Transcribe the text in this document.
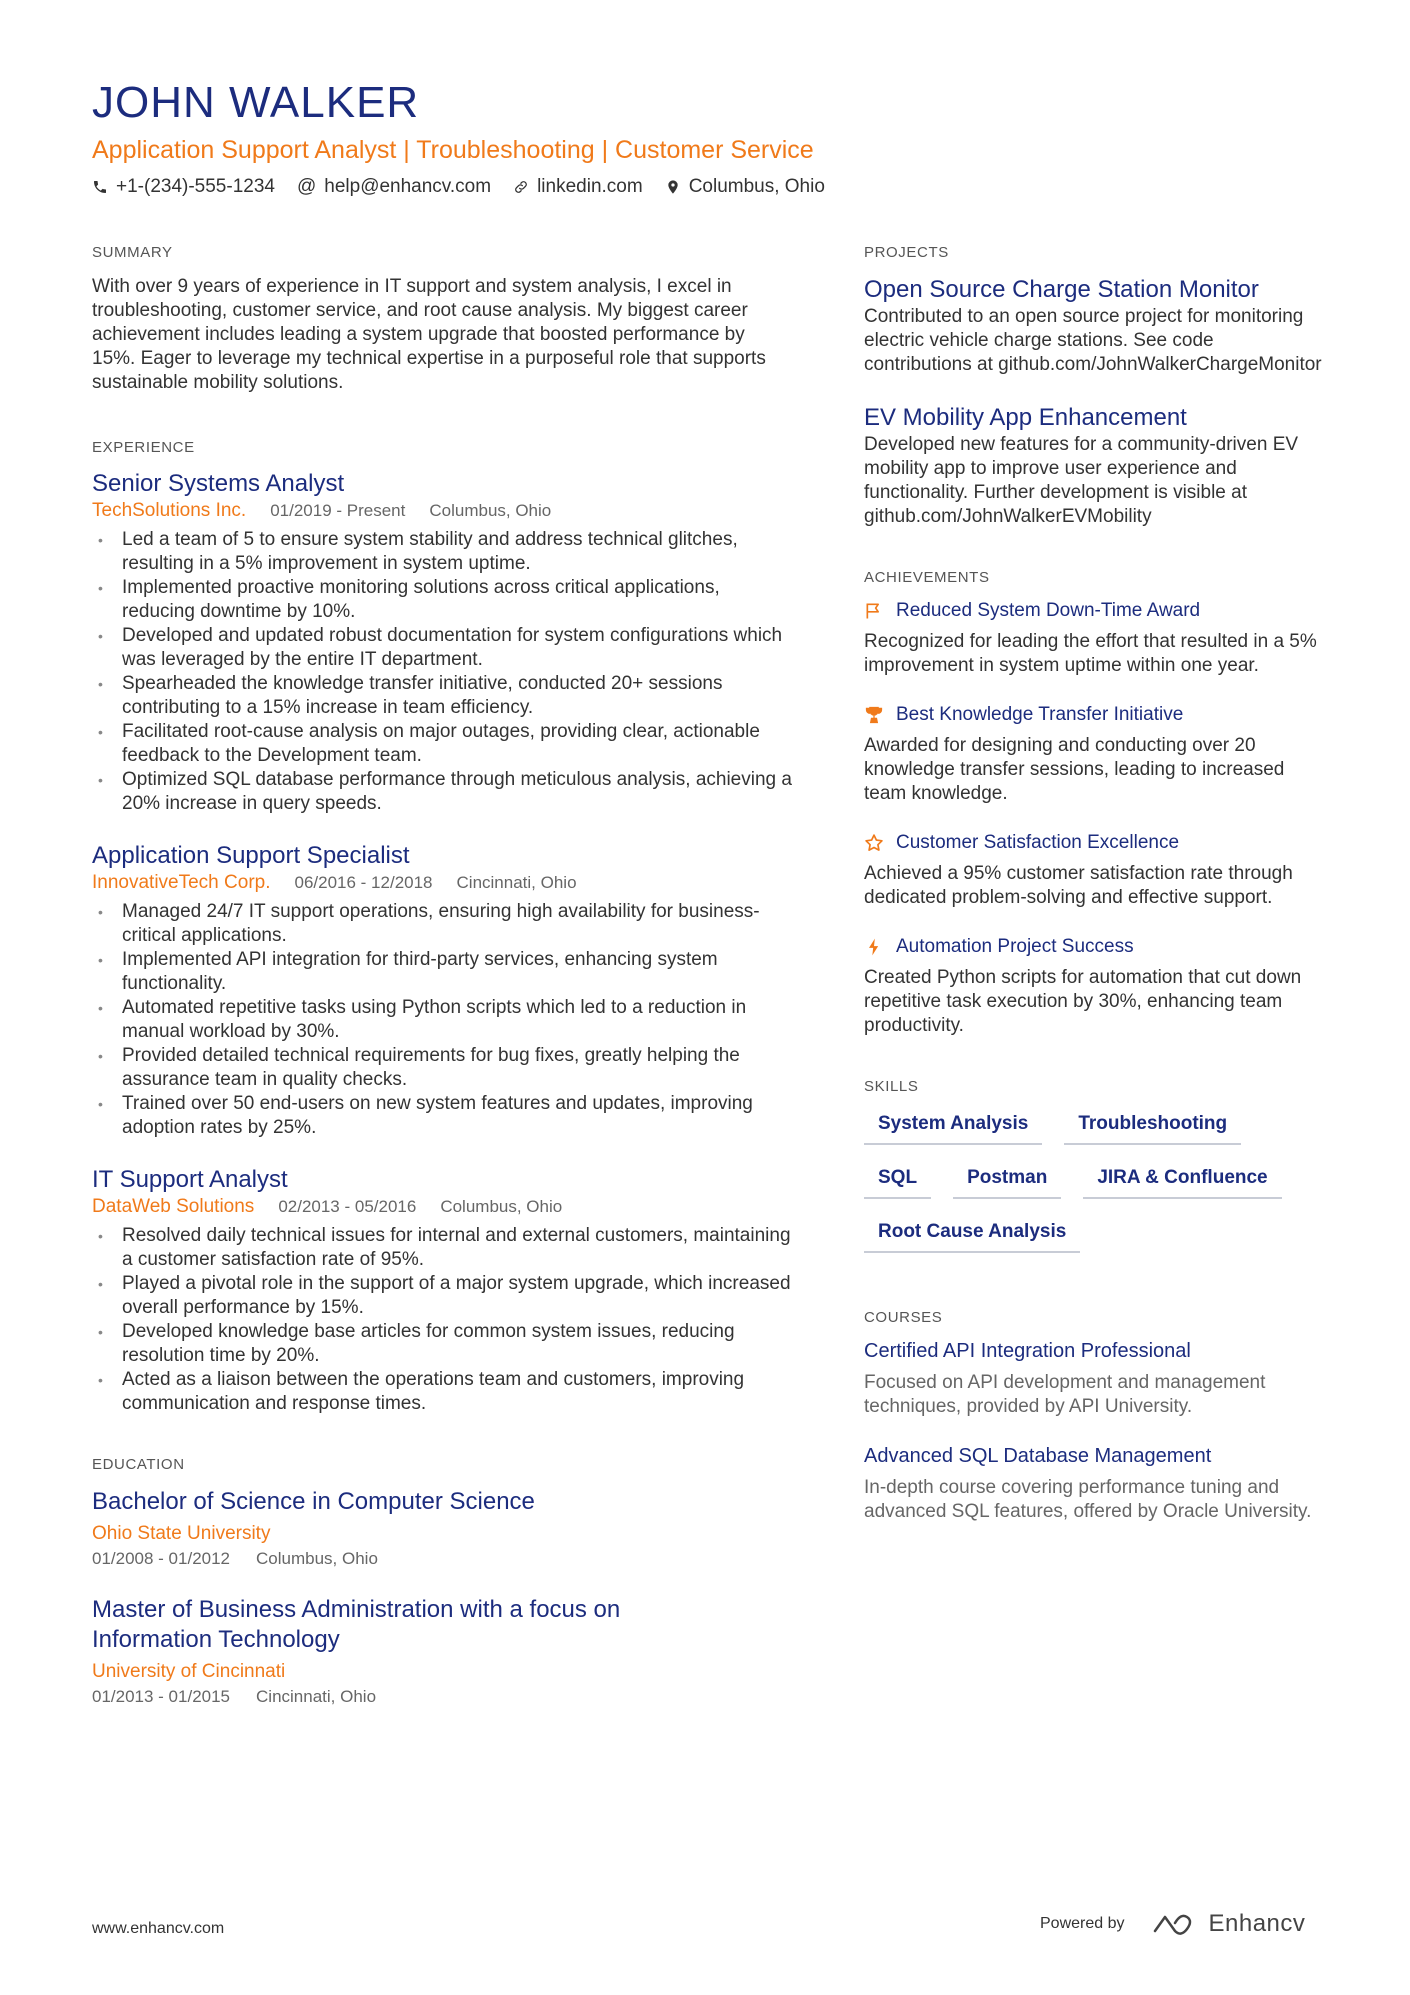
JOHN WALKER
Application Support Analyst | Troubleshooting | Customer Service
+1-(234)-555-1234 @ help@enhancv.com linkedin.com Columbus, Ohio
SUMMARY

With over 9 years of experience in IT support and system analysis, I excel in troubleshooting, customer service, and root cause analysis. My biggest career achievement includes leading a system upgrade that boosted performance by 15%. Eager to leverage my technical expertise in a purposeful role that supports sustainable mobility solutions.

EXPERIENCE
Senior Systems Analyst
TechSolutions Inc. 01/2019 - Present Columbus, Ohio
• Led a team of 5 to ensure system stability and address technical glitches, resulting in a 5% improvement in system uptime.
• Implemented proactive monitoring solutions across critical applications, reducing downtime by 10%.
• Developed and updated robust documentation for system configurations which was leveraged by the entire IT department.
• Spearheaded the knowledge transfer initiative, conducted 20+ sessions contributing to a 15% increase in team efficiency.
• Facilitated root-cause analysis on major outages, providing clear, actionable feedback to the Development team.
• Optimized SQL database performance through meticulous analysis, achieving a 20% increase in query speeds.
Application Support Specialist
InnovativeTech Corp. 06/2016 - 12/2018 Cincinnati, Ohio
• Managed 24/7 IT support operations, ensuring high availability for business-critical applications.
• Implemented API integration for third-party services, enhancing system functionality.
• Automated repetitive tasks using Python scripts which led to a reduction in manual workload by 30%.
• Provided detailed technical requirements for bug fixes, greatly helping the assurance team in quality checks.
• Trained over 50 end-users on new system features and updates, improving adoption rates by 25%.
IT Support Analyst
DataWeb Solutions 02/2013 - 05/2016 Columbus, Ohio
• Resolved daily technical issues for internal and external customers, maintaining a customer satisfaction rate of 95%.
• Played a pivotal role in the support of a major system upgrade, which increased overall performance by 15%.
• Developed knowledge base articles for common system issues, reducing resolution time by 20%.
• Acted as a liaison between the operations team and customers, improving communication and response times.
EDUCATION
Bachelor of Science in Computer Science
Ohio State University
01/2008 - 01/2012 Columbus, Ohio
Master of Business Administration with a focus on Information Technology
University of Cincinnati
01/2013 - 01/2015 Cincinnati, Ohio
PROJECTS
Open Source Charge Station Monitor

Contributed to an open source project for monitoring electric vehicle charge stations. See code contributions at github.com/JohnWalkerChargeMonitor

EV Mobility App Enhancement

Developed new features for a community-driven EV mobility app to improve user experience and functionality. Further development is visible at github.com/JohnWalkerEVMobility

ACHIEVEMENTS
Reduced System Down-Time Award

Recognized for leading the effort that resulted in a 5% improvement in system uptime within one year.

Best Knowledge Transfer Initiative

Awarded for designing and conducting over 20 knowledge transfer sessions, leading to increased team knowledge.

Customer Satisfaction Excellence

Achieved a 95% customer satisfaction rate through dedicated problem-solving and effective support.

Automation Project Success

Created Python scripts for automation that cut down repetitive task execution by 30%, enhancing team productivity.

SKILLS
System Analysis	Troubleshooting
SQL	Postman	JIRA & Confluence
Root Cause Analysis
COURSES
Certified API Integration Professional

Focused on API development and management techniques, provided by API University.

Advanced SQL Database Management

In-depth course covering performance tuning and advanced SQL features, offered by Oracle University.

www.enhancv.com	Powered by	Enhancv
